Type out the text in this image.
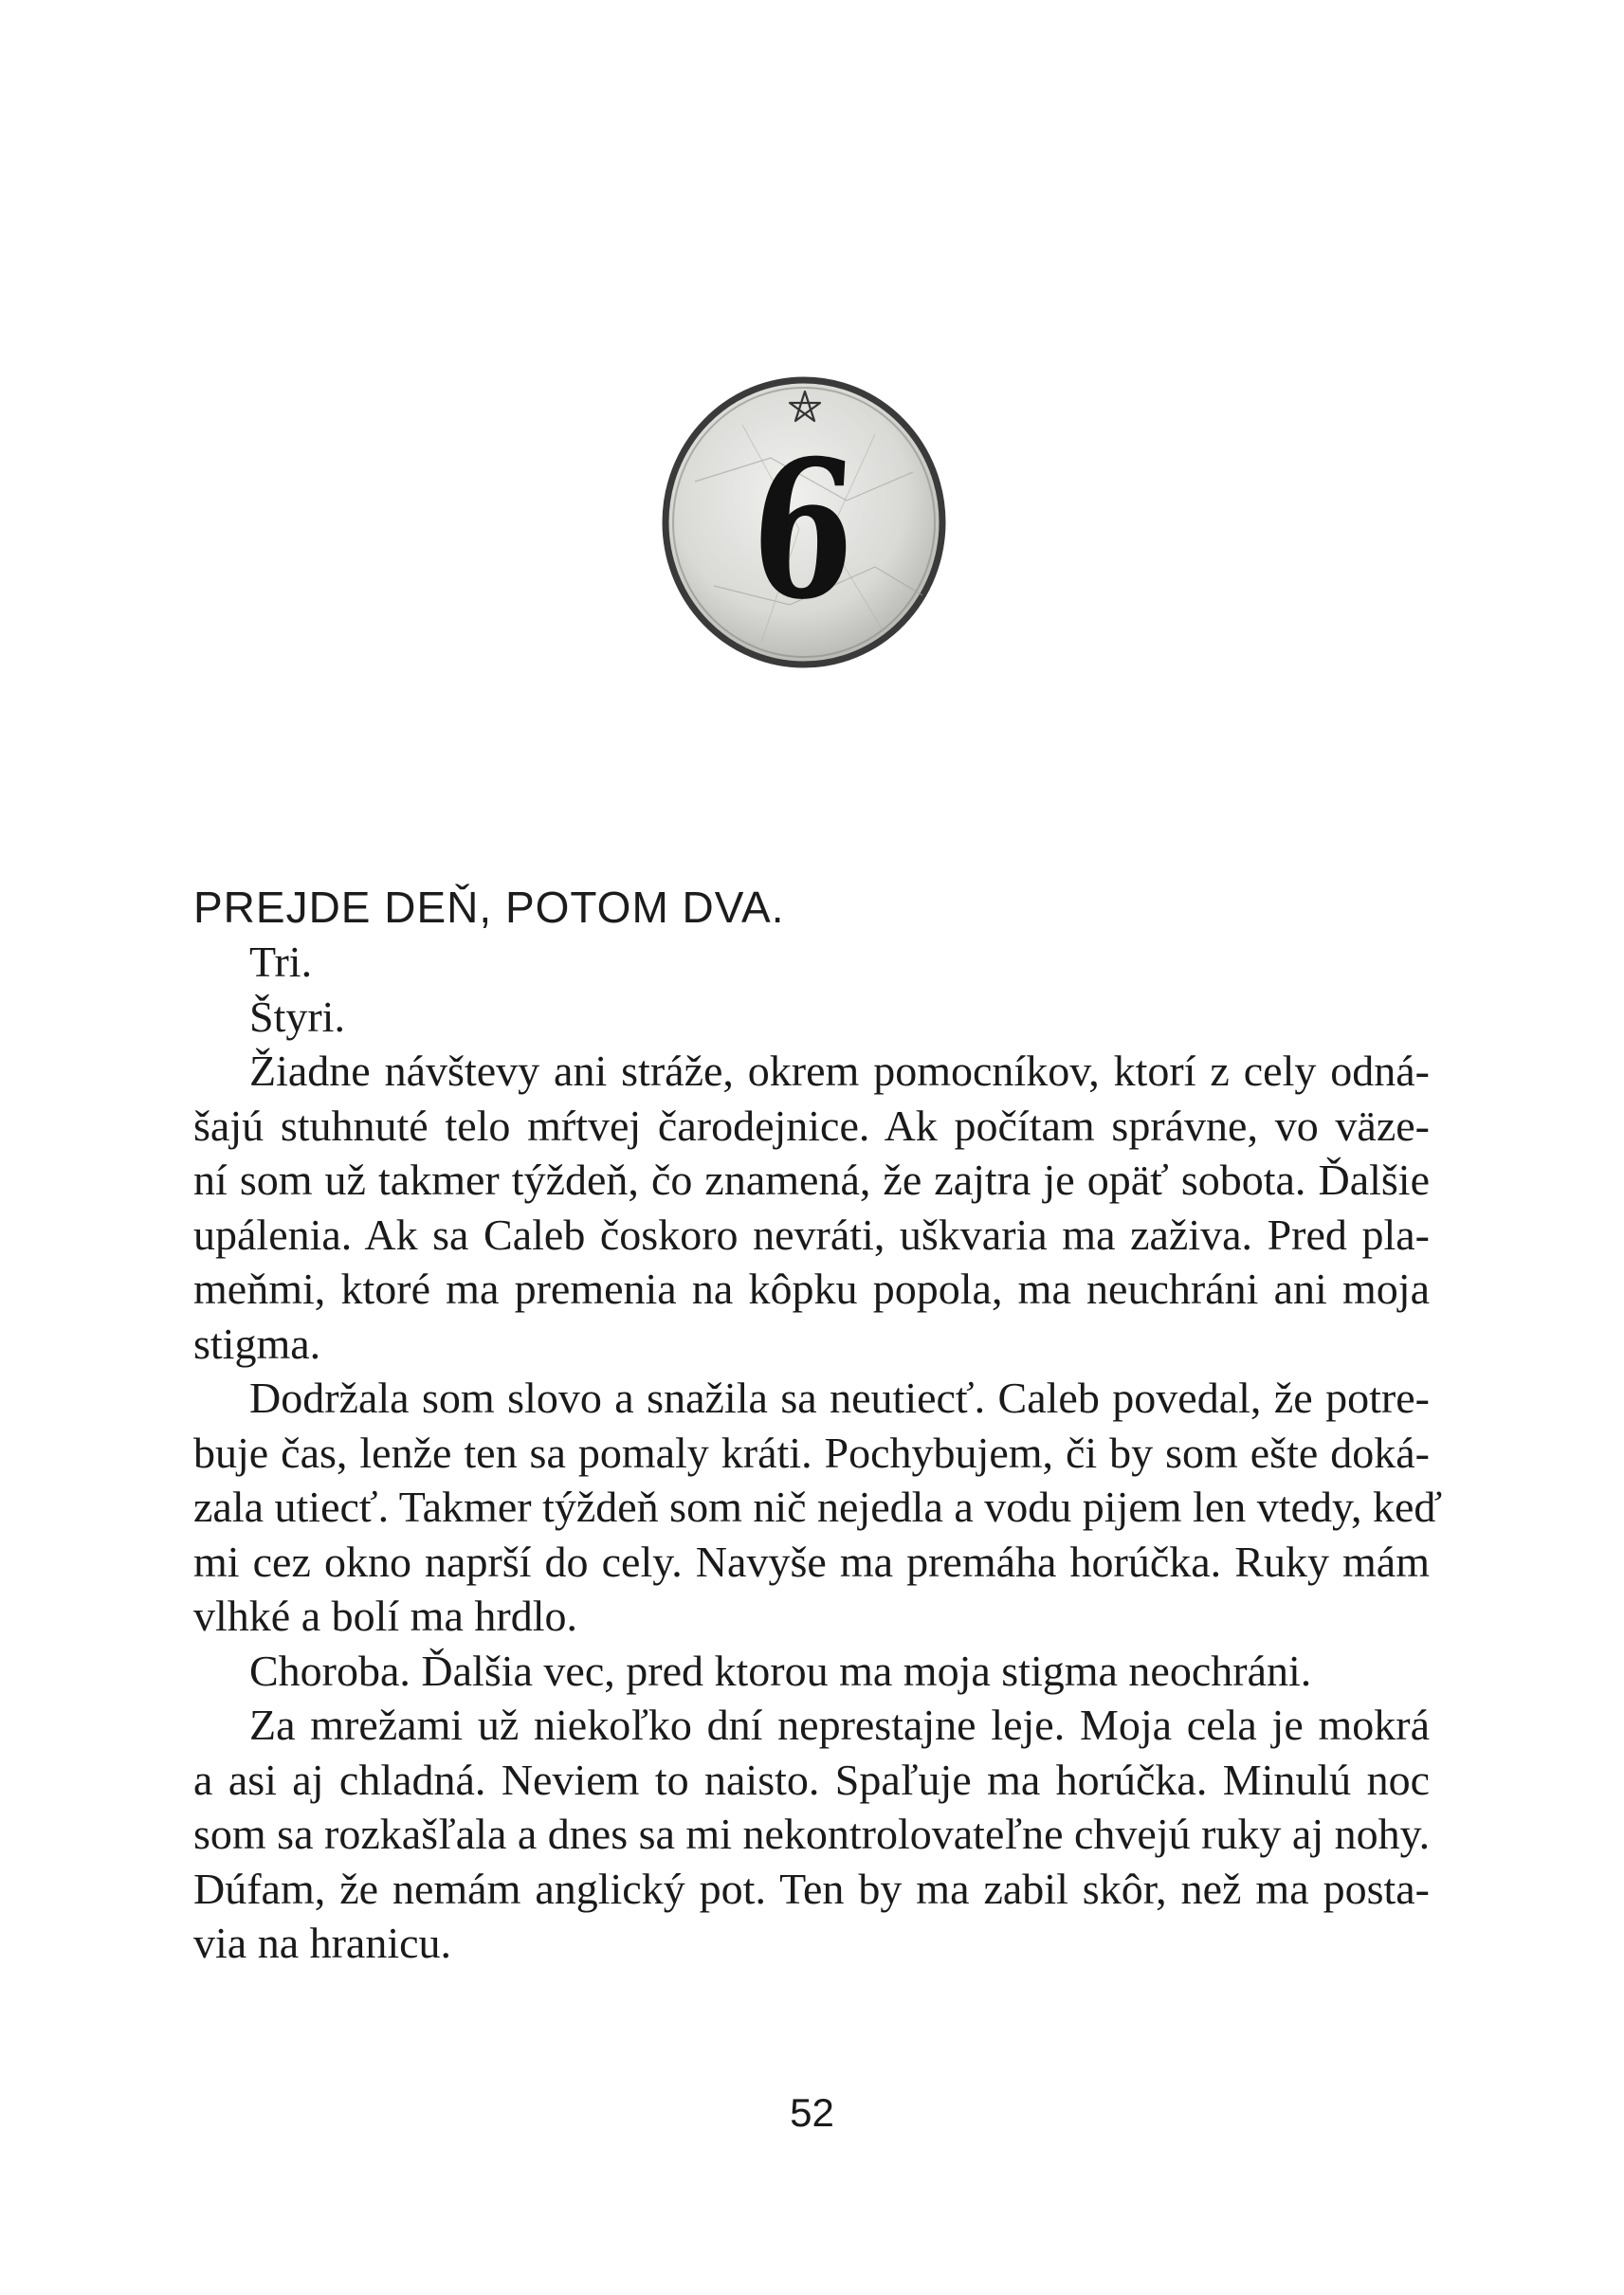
6

PREJDE DEŇ, POTOM DVA.

Tri.

Štyri.

Žiadne návštevy ani stráže, okrem pomocníkov, ktorí z cely odná-
šajú stuhnuté telo mŕtvej čarodejnice. Ak počítam správne, vo väze-
ní som už takmer týždeň, čo znamená, že zajtra je opäť sobota. Ďalšie
upálenia. Ak sa Caleb čoskoro nevráti, uškvaria ma zaživa. Pred pla-
meňmi, ktoré ma premenia na kôpku popola, ma neuchráni ani moja
stigma.

Dodržala som slovo a snažila sa neutiecť. Caleb povedal, že potre-
buje čas, lenže ten sa pomaly kráti. Pochybujem, či by som ešte doká-
zala utiecť. Takmer týždeň som nič nejedla a vodu pijem len vtedy, keď
mi cez okno naprší do cely. Navyše ma premáha horúčka. Ruky mám
vlhké a bolí ma hrdlo.

Choroba. Ďalšia vec, pred ktorou ma moja stigma neochráni.

Za mrežami už niekoľko dní neprestajne leje. Moja cela je mokrá
a asi aj chladná. Neviem to naisto. Spaľuje ma horúčka. Minulú noc
som sa rozkašľala a dnes sa mi nekontrolovateľne chvejú ruky aj nohy.
Dúfam, že nemám anglický pot. Ten by ma zabil skôr, než ma posta-
via na hranicu.

52
